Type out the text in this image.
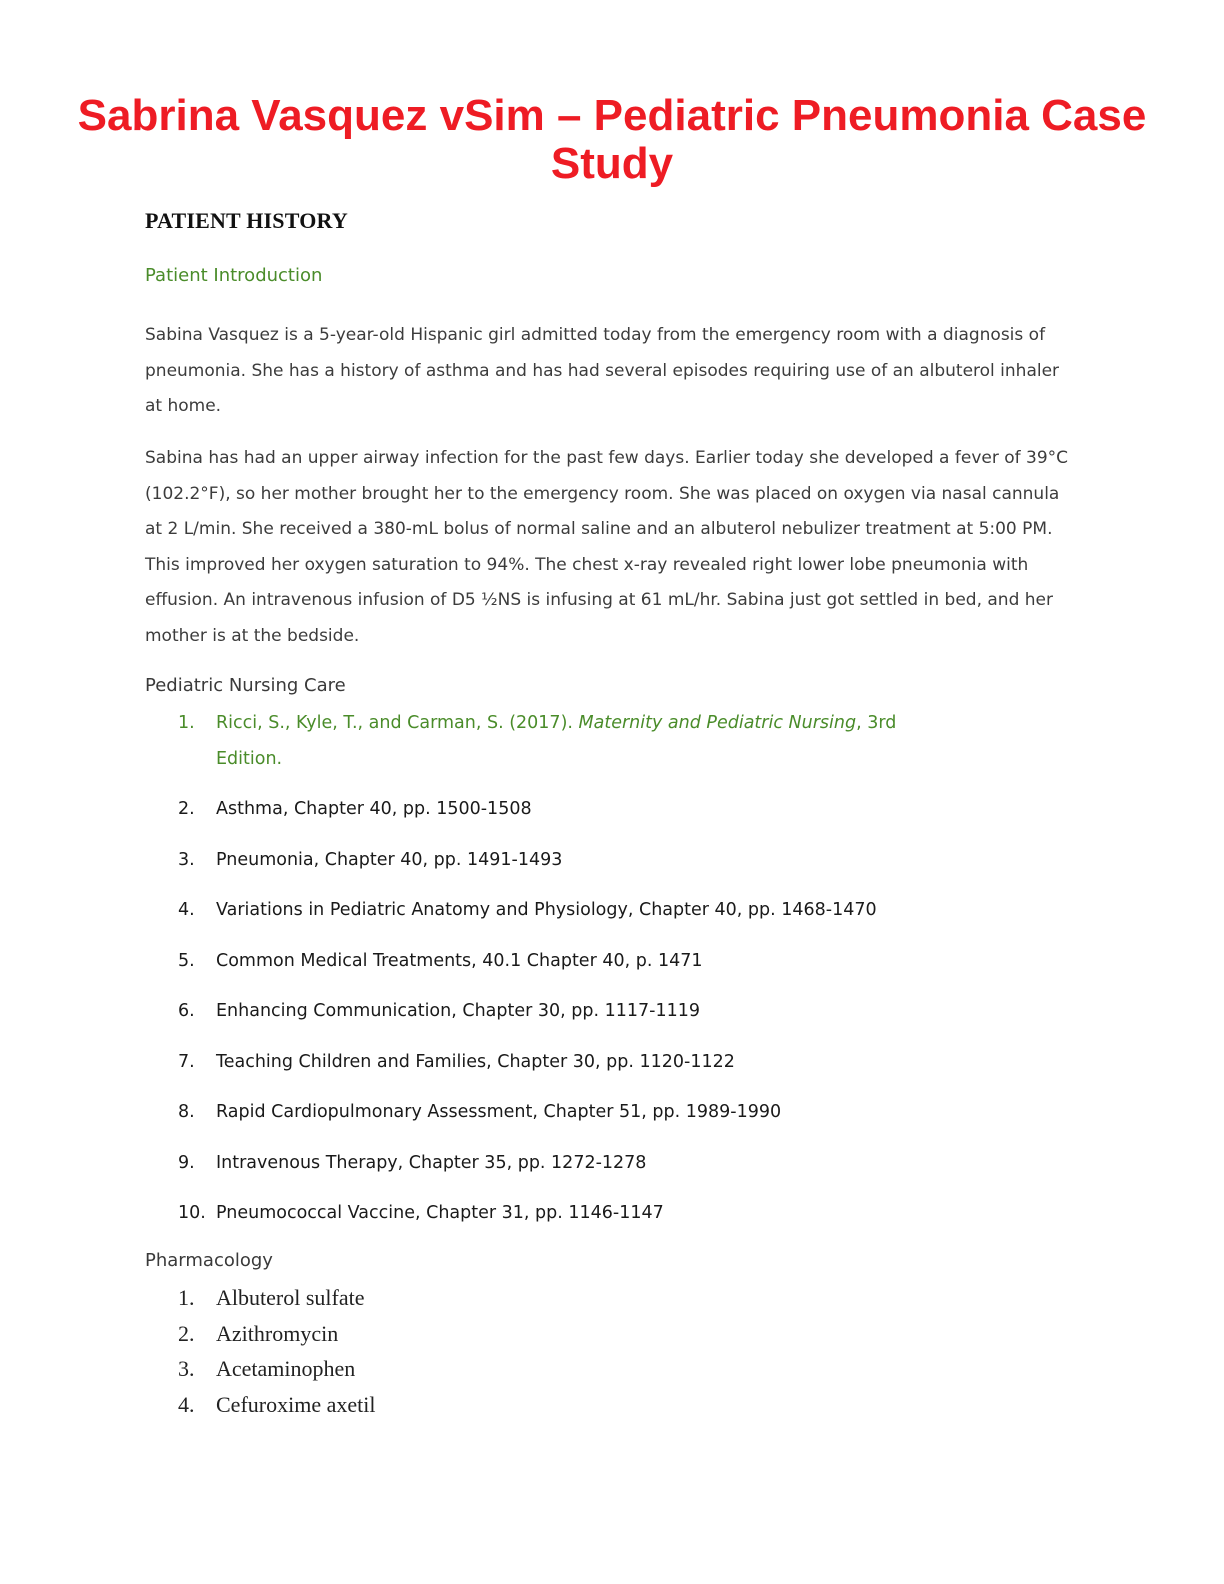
Sabrina Vasquez vSim – Pediatric Pneumonia Case Study
PATIENT HISTORY
Patient Introduction

Sabina Vasquez is a 5-year-old Hispanic girl admitted today from the emergency room with a diagnosis of pneumonia. She has a history of asthma and has had several episodes requiring use of an albuterol inhaler at home.

Sabina has had an upper airway infection for the past few days. Earlier today she developed a fever of 39°C (102.2°F), so her mother brought her to the emergency room. She was placed on oxygen via nasal cannula at 2 L/min. She received a 380-mL bolus of normal saline and an albuterol nebulizer treatment at 5:00 PM. This improved her oxygen saturation to 94%. The chest x-ray revealed right lower lobe pneumonia with effusion. An intravenous infusion of D5 ½NS is infusing at 61 mL/hr. Sabina just got settled in bed, and her mother is at the bedside.

Pediatric Nursing Care
1. Ricci, S., Kyle, T., and Carman, S. (2017). Maternity and Pediatric Nursing, 3rd Edition.
2. Asthma, Chapter 40, pp. 1500-1508
3. Pneumonia, Chapter 40, pp. 1491-1493
4. Variations in Pediatric Anatomy and Physiology, Chapter 40, pp. 1468-1470
5. Common Medical Treatments, 40.1 Chapter 40, p. 1471
6. Enhancing Communication, Chapter 30, pp. 1117-1119
7. Teaching Children and Families, Chapter 30, pp. 1120-1122
8. Rapid Cardiopulmonary Assessment, Chapter 51, pp. 1989-1990
9. Intravenous Therapy, Chapter 35, pp. 1272-1278
10. Pneumococcal Vaccine, Chapter 31, pp. 1146-1147
Pharmacology
1. Albuterol sulfate
2. Azithromycin
3. Acetaminophen
4. Cefuroxime axetil
